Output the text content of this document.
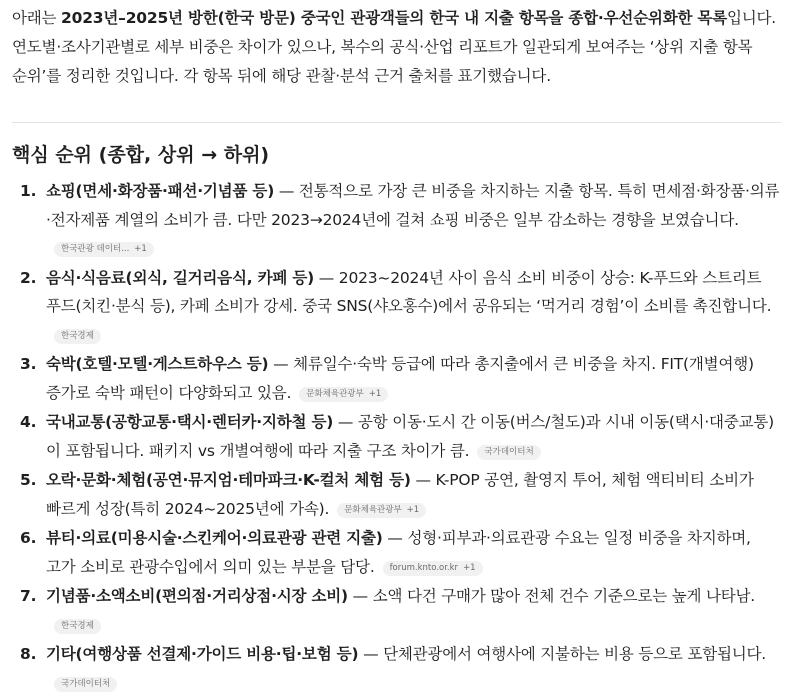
아래는 2023년–2025년 방한(한국 방문) 중국인 관광객들의 한국 내 지출 항목을 종합·우선순위화한 목록입니다. 연도별·조사기관별로 세부 비중은 차이가 있으나, 복수의 공식·산업 리포트가 일관되게 보여주는 ‘상위 지출 항목 순위’를 정리한 것입니다. 각 항목 뒤에 해당 관찰·분석 근거 출처를 표기했습니다.

핵심 순위 (종합, 상위 → 하위)
1. 쇼핑(면세·화장품·패션·기념품 등) — 전통적으로 가장 큰 비중을 차지하는 지출 항목. 특히 면세점·화장품·의류·전자제품 계열의 소비가 큼. 다만 2023→2024년에 걸쳐 쇼핑 비중은 일부 감소하는 경향을 보였습니다.한국관광 데이터... +1
2. 음식·식음료(외식, 길거리음식, 카페 등) — 2023~2024년 사이 음식 소비 비중이 상승: K-푸드와 스트리트 푸드(치킨·분식 등), 카페 소비가 강세. 중국 SNS(샤오홍수)에서 공유되는 ‘먹거리 경험’이 소비를 촉진합니다.한국경제
3. 숙박(호텔·모텔·게스트하우스 등) — 체류일수·숙박 등급에 따라 총지출에서 큰 비중을 차지. FIT(개별여행) 증가로 숙박 패턴이 다양화되고 있음. 문화체육관광부 +1
4. 국내교통(공항교통·택시·렌터카·지하철 등) — 공항 이동·도시 간 이동(버스/철도)과 시내 이동(택시·대중교통)이 포함됩니다. 패키지 vs 개별여행에 따라 지출 구조 차이가 큼. 국가데이터처
5. 오락·문화·체험(공연·뮤지엄·테마파크·K-컬처 체험 등) — K-POP 공연, 촬영지 투어, 체험 액티비티 소비가 빠르게 성장(특히 2024~2025년에 가속). 문화체육관광부 +1
6. 뷰티·의료(미용시술·스킨케어·의료관광 관련 지출) — 성형·피부과·의료관광 수요는 일정 비중을 차지하며, 고가 소비로 관광수입에서 의미 있는 부분을 담당. forum.knto.or.kr +1
7. 기념품·소액소비(편의점·거리상점·시장 소비) — 소액 다건 구매가 많아 전체 건수 기준으로는 높게 나타남.한국경제
8. 기타(여행상품 선결제·가이드 비용·팁·보험 등) — 단체관광에서 여행사에 지불하는 비용 등으로 포함됩니다.국가데이터처
